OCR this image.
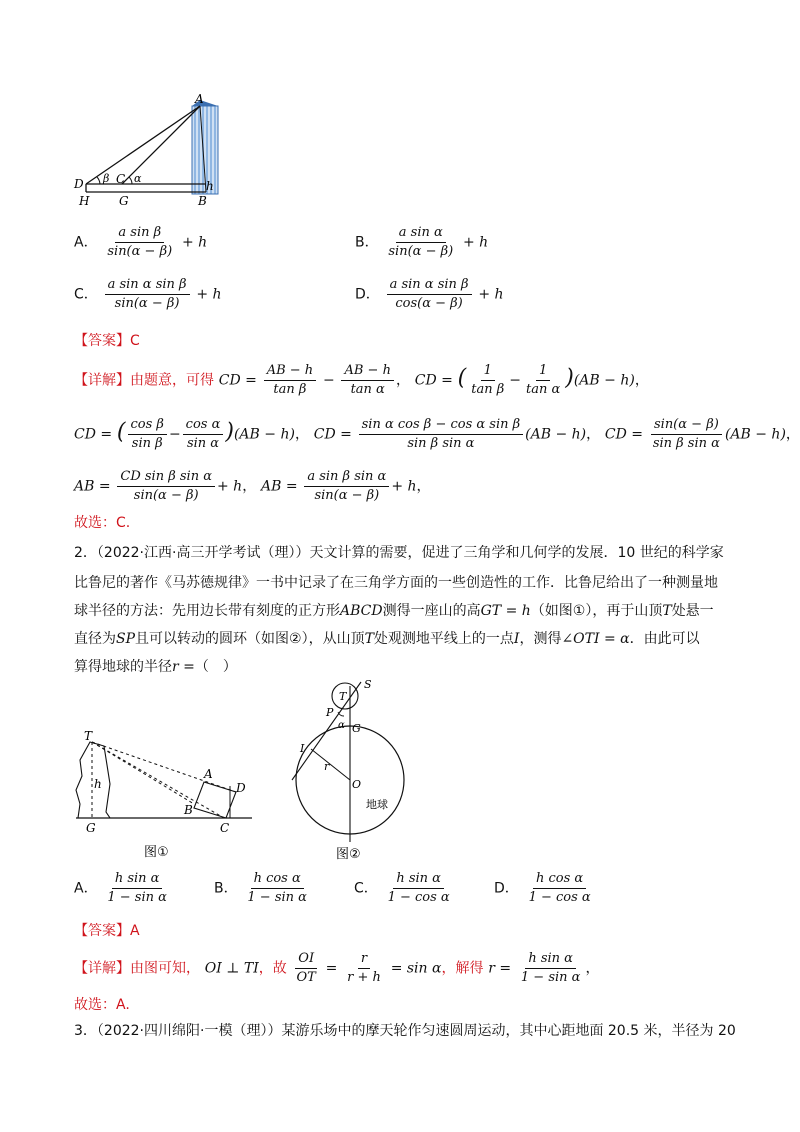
A
D β C α
h
H G	B
A． $\frac{\text{a sin β}}{\sin(\alpha - \beta)} + h$	B． $\frac{\text{a sin α}}{\sin(\alpha - \beta)} + h$
C． $\frac{\text{a sin α sin β}}{\sin(\alpha - \beta)} + h$	D． $\frac{\text{a sin α sin β}}{\cos(\alpha - \beta)} + h$
【答案】C
【详解】由题意，可得 CD = $\frac{AB - h}{\text{tan β}} - \frac{AB - h}{\text{tan α}}$ ， CD = ( $\frac{1}{\text{tan β}} - \frac{1}{\text{tan α}} )(AB - h)$，
CD = ( $\frac{\text{cos β}}{\text{sin β}} - \frac{\text{cos α}}{\text{sin α}} )(AB - h)$， CD = $\frac{\text{sin α cos β − cos α sin β}}{\text{sin β sin α}} (AB - h)$， CD = $\frac{\sin(\alpha - \beta)}{\text{sin β sin α}} (AB - h)$，
AB = $\frac{\text{CD sin β sin α}}{\sin(\alpha - \beta)} + h$， AB = $\frac{\text{a sin β sin α}}{\sin(\alpha - \beta)} + h$，
故选：C.
2．（2022·江西·高三开学考试（理））天文计算的需要，促进了三角学和几何学的发展．10 世纪的科学家
比鲁尼的著作《马苏德规律》一书中记录了在三角学方面的一些创造性的工作．比鲁尼给出了一种测量地
球半径的方法：先用边长带有刻度的正方形ABCD测得一座山的高GT = h（如图①），再于山顶T处悬一
直径为SP且可以转动的圆环（如图②），从山顶T处观测地平线上的一点I，测得∠OTI = α．由此可以
算得地球的半径r =（　）
T
h
A
D
B
G	C
图①
T
S
P
α G
I
r
O
地球
图②
A． $\frac{\text{h sin α}}{\text{1 − sin α}}$	B． $\frac{\text{h cos α}}{\text{1 − sin α}}$	C． $\frac{\text{h sin α}}{\text{1 − cos α}}$	D． $\frac{\text{h cos α}}{\text{1 − cos α}}$
【答案】A
【详解】由图可知， OI ⊥ TI，故 $\frac{OI}{OT} = \frac{r}{r + h} = \sin \alpha$，解得 $r = \frac{\text{h sin α}}{\text{1 − sin α}}$ ，
故选：A.
3．（2022·四川绵阳·一模（理））某游乐场中的摩天轮作匀速圆周运动，其中心距地面 20.5 米，半径为 20
